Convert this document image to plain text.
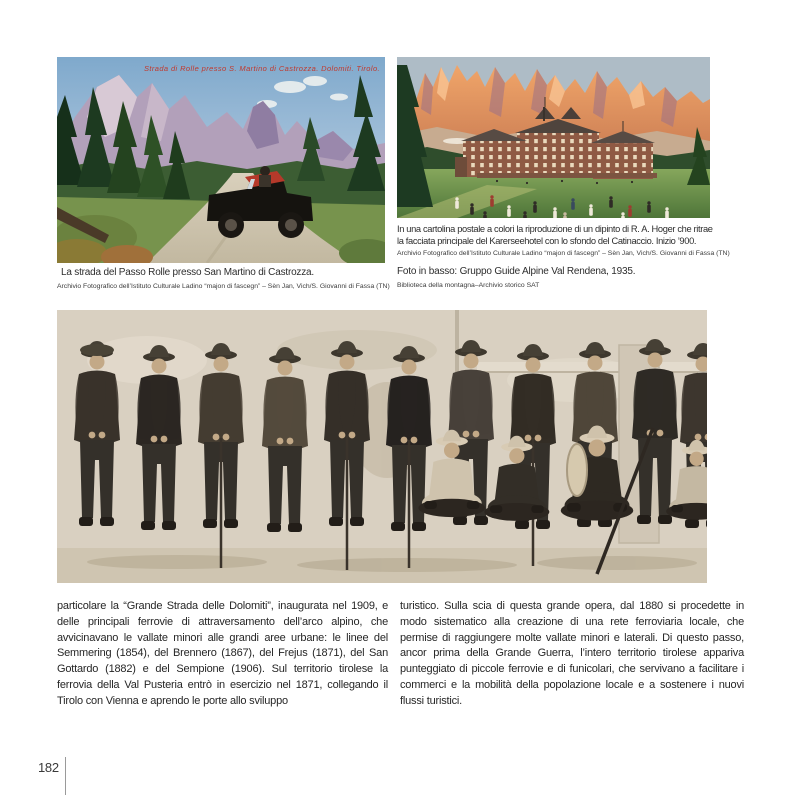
Strada di Rolle presso S. Martino di Castrozza. Dolomiti. Tirolo.
La strada del Passo Rolle presso San Martino di Castrozza.
Archivio Fotografico dell’Istituto Culturale Ladino “majon di fascegn” – Sèn Jan, Vich/S. Giovanni di Fassa (TN)
In una cartolina postale a colori la riproduzione di un dipinto di R. A. Hoger che ritrae
la facciata principale del Karerseehotel con lo sfondo del Catinaccio. Inizio ’900.
Archivio Fotografico dell’Istituto Culturale Ladino “majon di fascegn” – Sèn Jan, Vich/S. Giovanni di Fassa (TN)
Foto in basso: Gruppo Guide Alpine Val Rendena, 1935.
Biblioteca della montagna–Archivio storico SAT
particolare la “Grande Strada delle Dolomiti”, inaugurata nel 1909, e delle principali ferrovie di attraversamento dell’arco alpino, che avvicinavano le vallate minori alle grandi aree urbane: le linee del Semmering (1854), del Brennero (1867), del Frejus (1871), del San Gottardo (1882) e del Sempione (1906). Sul territorio tirolese la ferrovia della Val Pusteria entrò in esercizio nel 1871, collegando il Tirolo con Vienna e aprendo le porte allo sviluppo
turistico. Sulla scia di questa grande opera, dal 1880 si procedette in modo sistematico alla creazione di una rete ferroviaria locale, che permise di raggiungere molte vallate minori e laterali. Di questo passo, ancor prima della Grande Guerra, l’intero territorio tirolese appariva punteggiato di piccole ferrovie e di funicolari, che servivano a facilitare i commerci e la mobilità della popolazione locale e a sostenere i nuovi flussi turistici.
182
